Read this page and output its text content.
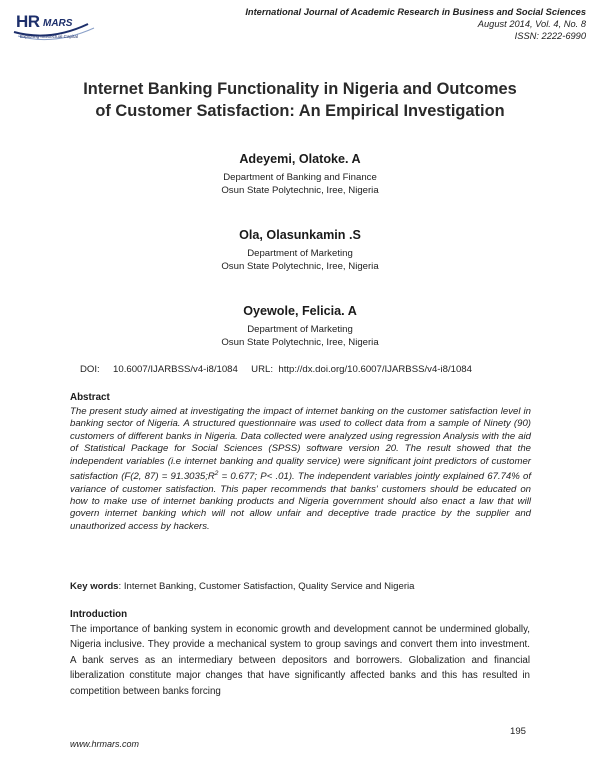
HR MARS
Exploring Intellectual Capital
International Journal of Academic Research in Business and Social Sciences
August 2014, Vol. 4, No. 8
ISSN: 2222-6990
Internet Banking Functionality in Nigeria and Outcomes
of Customer Satisfaction: An Empirical Investigation
Adeyemi, Olatoke. A
Department of Banking and Finance
Osun State Polytechnic, Iree, Nigeria
Ola, Olasunkamin .S
Department of Marketing
Osun State Polytechnic, Iree, Nigeria
Oyewole, Felicia. A
Department of Marketing
Osun State Polytechnic, Iree, Nigeria
DOI:     10.6007/IJARBSS/v4-i8/1084     URL:  http://dx.doi.org/10.6007/IJARBSS/v4-i8/1084
Abstract
The present study aimed at investigating the impact of internet banking on the customer satisfaction level in banking sector of Nigeria. A structured questionnaire was used to collect data from a sample of Ninety (90) customers of different banks in Nigeria. Data collected were analyzed using regression Analysis with the aid of Statistical Package for Social Sciences (SPSS) software version 20. The result showed that the independent variables (i.e internet banking and quality service) were significant joint predictors of customer satisfaction (F(2, $87) = 91.3035;R^2 = 0.677$; P< .01). The independent variables jointly explained 67.74% of variance of customer satisfaction. This paper recommends that banks' customers should be educated on how to make use of internet banking products and Nigeria government should also enact a law that will govern internet banking which will not allow unfair and deceptive trade practice by the supplier and unauthorized access by hackers.
Key words: Internet Banking, Customer Satisfaction, Quality Service and Nigeria
Introduction
The importance of banking system in economic growth and development cannot be undermined globally, Nigeria inclusive. They provide a mechanical system to group savings and convert them into investment. A bank serves as an intermediary between depositors and borrowers. Globalization and financial liberalization constitute major changes that have significantly affected banks and this has resulted in competition between banks forcing
195
www.hrmars.com
